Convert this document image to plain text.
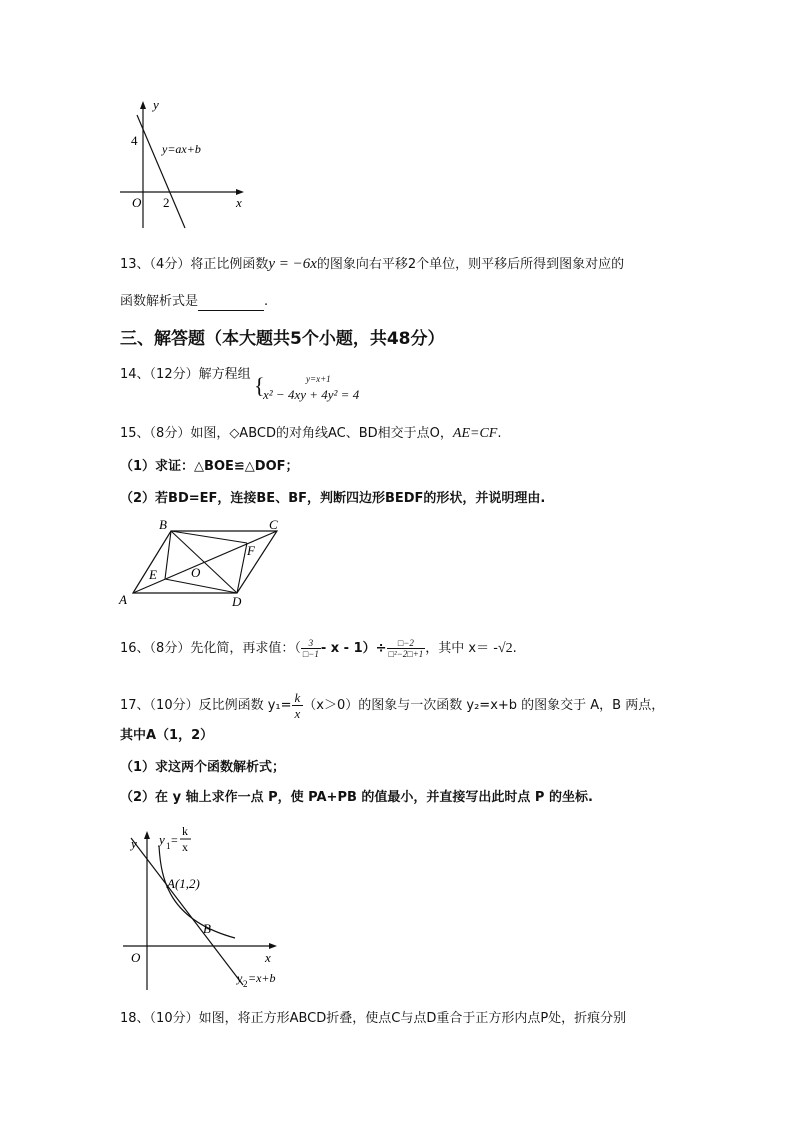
y
x
O
4
2
y=ax+b
13、（4分）将正比例函数y = −6x的图象向右平移2个单位，则平移后所得到图象对应的
函数解析式是	.
三、解答题（本大题共5个小题，共48分）
14、（12分）解方程组 {	y=x+1
x² − 4xy + 4y² = 4
15、（8分）如图，◇ABCD的对角线AC、BD相交于点O，AE=CF.
（1）求证：△BOE≌△DOF；
（2）若BD=EF，连接BE、BF，判断四边形BEDF的形状，并说明理由.
A
B	C
D
E
F
O
16、（8分）先化简，再求值：（ $\frac{3}{□-1} - x - 1)\div \frac{□-2}{\text{□²−2□+1}}$ ，其中 x＝ -√2.
17、（10分）反比例函数 $y_1= \frac{k}{x} (x>0)$的图象与一次函数 y₂=x+b 的图象交于 A，B 两点，
其中A（1，2）
（1）求这两个函数解析式；
（2）在 y 轴上求作一点 P，使 PA+PB 的值最小，并直接写出此时点 P 的坐标.
y
x
O
y 1 =
k
x
A(1,2)
B
y 2 =x+b
18、（10分）如图，将正方形ABCD折叠，使点C与点D重合于正方形内点P处，折痕分别
